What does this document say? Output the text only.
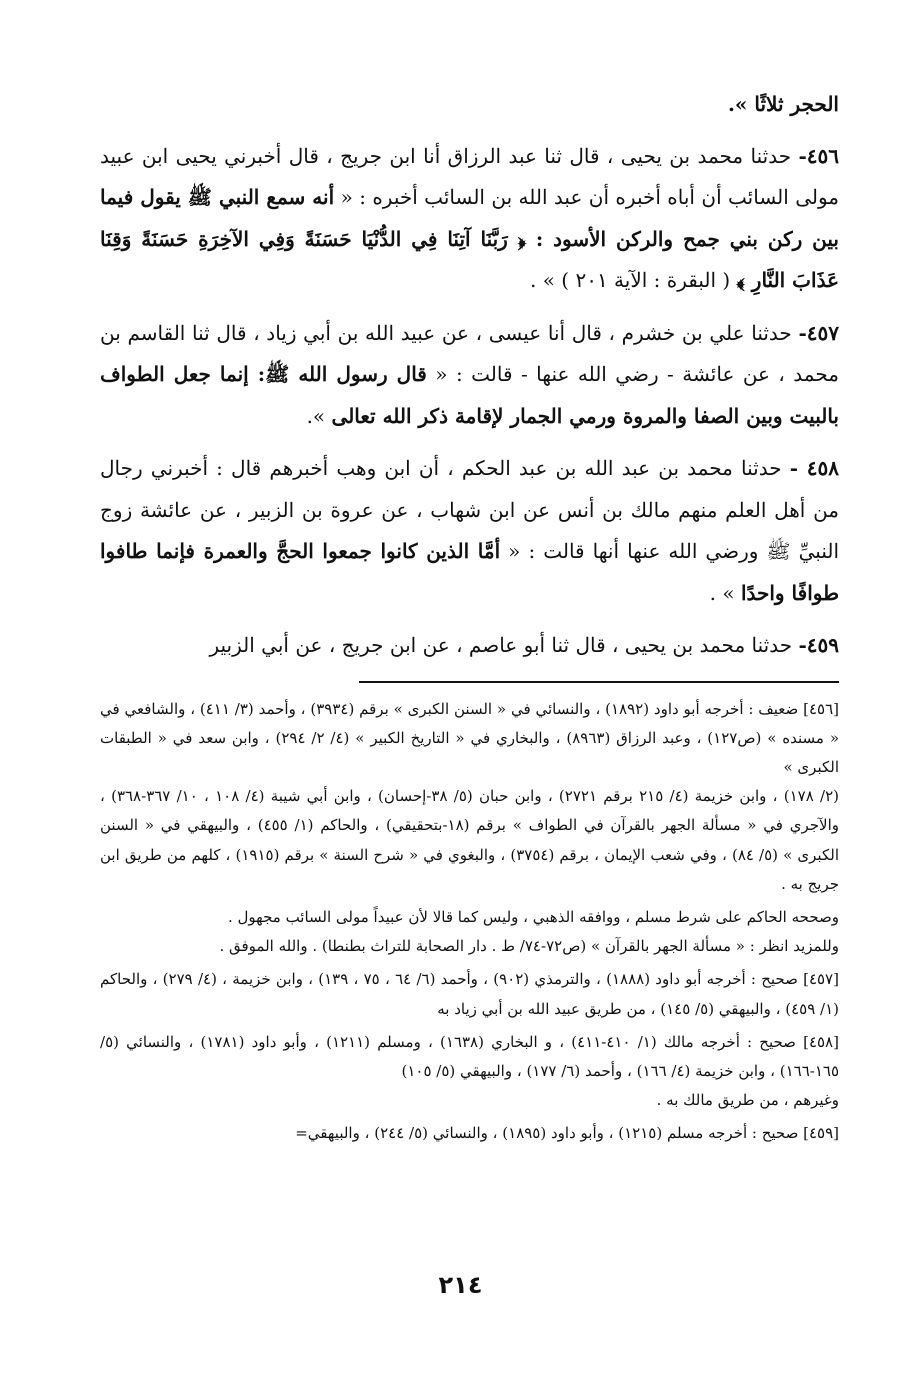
الحجر ثلاثًا ».

٤٥٦- حدثنا محمد بن يحيى ، قال ثنا عبد الرزاق أنا ابن جريج ، قال أخبرني يحيى ابن عبيد مولى السائب أن أباه أخبره أن عبد الله بن السائب أخبره : « أنه سمع النبي ﷺ يقول فيما بين ركن بني جمح والركن الأسود : ﴿ رَبَّنَا آتِنَا فِي الدُّنْيَا حَسَنَةً وَفِي الآخِرَةِ حَسَنَةً وَقِنَا عَذَابَ النَّارِ ﴾ ( البقرة : الآية ٢٠١ ) » .

٤٥٧- حدثنا علي بن خشرم ، قال أنا عيسى ، عن عبيد الله بن أبي زياد ، قال ثنا القاسم بن محمد ، عن عائشة - رضي الله عنها - قالت : « قال رسول الله ﷺ: إنما جعل الطواف بالبيت وبين الصفا والمروة ورمي الجمار لإقامة ذكر الله تعالى ».

٤٥٨ - حدثنا محمد بن عبد الله بن عبد الحكم ، أن ابن وهب أخبرهم قال : أخبرني رجال من أهل العلم منهم مالك بن أنس عن ابن شهاب ، عن عروة بن الزبير ، عن عائشة زوج النبيِّ ﷺ ورضي الله عنها أنها قالت : « أمَّا الذين كانوا جمعوا الحجَّ والعمرة فإنما طافوا طوافًا واحدًا » .

٤٥٩- حدثنا محمد بن يحيى ، قال ثنا أبو عاصم ، عن ابن جريج ، عن أبي الزبير

[٤٥٦] ضعيف : أخرجه أبو داود (١٨٩٢) ، والنسائي في « السنن الكبرى » برقم (٣٩٣٤) ، وأحمد (٣/ ٤١١) ، والشافعي في « مسنده » (ص١٢٧) ، وعبد الرزاق (٨٩٦٣) ، والبخاري في « التاريخ الكبير » (٤/ ٢/ ٢٩٤) ، وابن سعد في « الطبقات الكبرى »

(٢/ ١٧٨) ، وابن خزيمة (٤/ ٢١٥ برقم ٢٧٢١) ، وابن حبان (٥/ ٣٨-إحسان) ، وابن أبي شيبة (٤/ ١٠٨ ، ١٠/ ٣٦٧-٣٦٨) ، والآجري في « مسألة الجهر بالقرآن في الطواف » برقم (١٨-بتحقيقي) ، والحاكم (١/ ٤٥٥) ، والبيهقي في « السنن الكبرى » (٥/ ٨٤) ، وفي شعب الإيمان ، برقم (٣٧٥٤) ، والبغوي في « شرح السنة » برقم (١٩١٥) ، كلهم من طريق ابن جريج به .

وصححه الحاكم على شرط مسلم ، ووافقه الذهبي ، وليس كما قالا لأن عبيداً مولى السائب مجهول .

وللمزيد انظر : « مسألة الجهر بالقرآن » (ص٧٢-٧٤/ ط . دار الصحابة للتراث بطنطا) . والله الموفق .

[٤٥٧] صحيح : أخرجه أبو داود (١٨٨٨) ، والترمذي (٩٠٢) ، وأحمد (٦/ ٦٤ ، ٧٥ ، ١٣٩) ، وابن خزيمة ، (٤/ ٢٧٩) ، والحاكم (١/ ٤٥٩) ، والبيهقي (٥/ ١٤٥) ، من طريق عبيد الله بن أبي زياد به

[٤٥٨] صحيح : أخرجه مالك (١/ ٤١٠-٤١١) ، و البخاري (١٦٣٨) ، ومسلم (١٢١١) ، وأبو داود (١٧٨١) ، والنسائي (٥/ ١٦٥-١٦٦) ، وابن خزيمة (٤/ ١٦٦) ، وأحمد (٦/ ١٧٧) ، والبيهقي (٥/ ١٠٥)

وغيرهم ، من طريق مالك به .

[٤٥٩] صحيح : أخرجه مسلم (١٢١٥) ، وأبو داود (١٨٩٥) ، والنسائي (٥/ ٢٤٤) ، والبيهقي=

٢١٤
